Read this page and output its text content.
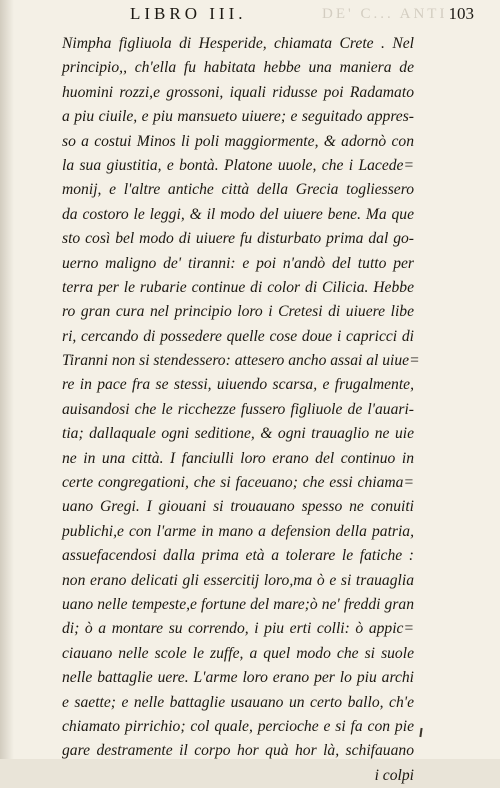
LIBRO III.	DE' C... ANTI 103
Nimpha figliuola di Hesperide, chiamata Crete . Nel
principio,, ch'ella fu habitata hebbe una maniera de
huomini rozzi,e grossoni, iquali ridusse poi Radamato
a piu ciuile, e piu mansueto uiuere; e seguitado appres-
so a costui Minos li poli maggiormente, & adornò con
la sua giustitia, e bontà. Platone uuole, che i Lacede=
monij, e l'altre antiche città della Grecia togliessero
da costoro le leggi, & il modo del uiuere bene. Ma que
sto così bel modo di uiuere fu disturbato prima dal go-
uerno maligno de' tiranni: e poi n'andò del tutto per
terra per le rubarie continue di color di Cilicia. Hebbe
ro gran cura nel principio loro i Cretesi di uiuere libe
ri, cercando di possedere quelle cose doue i capricci di
Tiranni non si stendessero: attesero ancho assai al uiue=
re in pace fra se stessi, uiuendo scarsa, e frugalmente,
auisandosi che le ricchezze fussero figliuole de l'auari-
tia; dallaquale ogni seditione, & ogni trauaglio ne uie
ne in una città. I fanciulli loro erano del continuo in
certe congregationi, che si faceuano; che essi chiama=
uano Gregi. I giouani si trouauano spesso ne conuiti
publichi,e con l'arme in mano a defension della patria,
assuefacendosi dalla prima età a tolerare le fatiche :
non erano delicati gli essercitij loro,ma ò e si trauaglia
uano nelle tempeste,e fortune del mare;ò ne' freddi gran
di; ò a montare su correndo, i piu erti colli: ò appic=
ciauano nelle scole le zuffe, a quel modo che si suole
nelle battaglie uere. L'arme loro erano per lo piu archi
e saette; e nelle battaglie usauano un certo ballo, ch'e
chiamato pirrichio; col quale, percioche e si fa con pie
gare destramente il corpo hor quà hor là, schifauano
i colpi
